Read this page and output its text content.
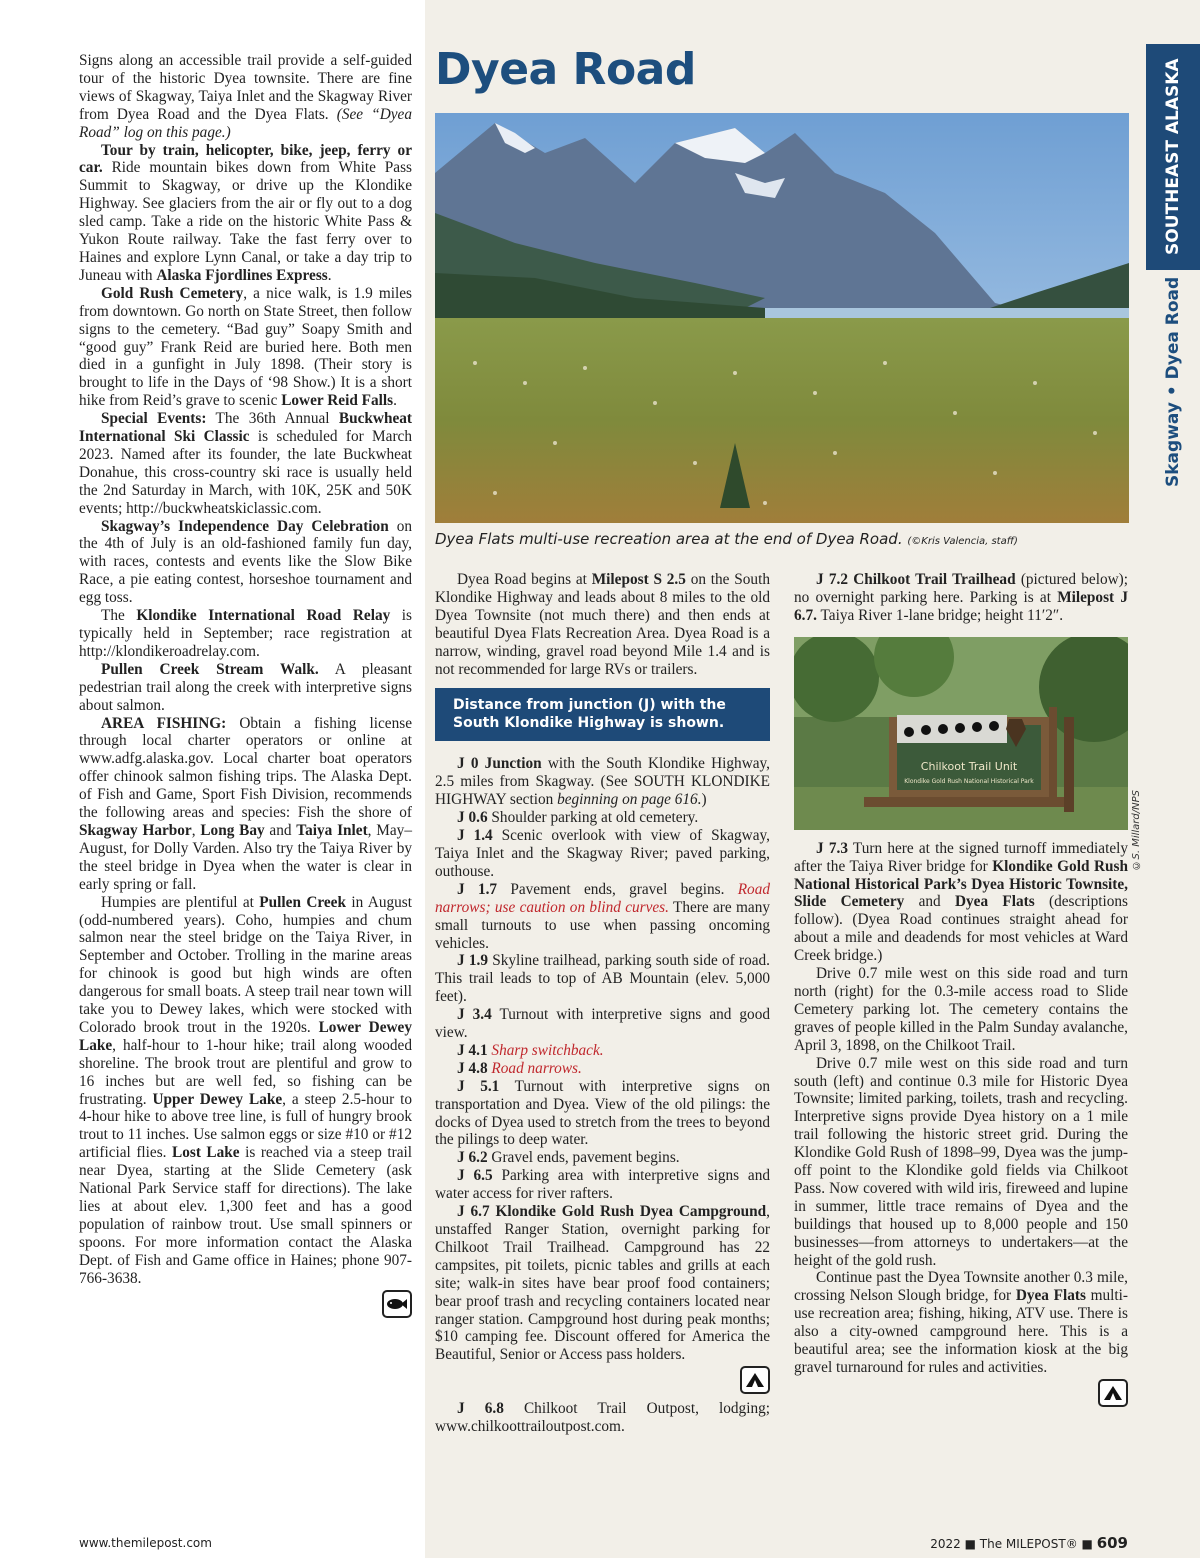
Signs along an accessible trail provide a self-guided tour of the historic Dyea townsite. There are fine views of Skagway, Taiya Inlet and the Skagway River from Dyea Road and the Dyea Flats. (See “Dyea Road” log on this page.)

Tour by train, helicopter, bike, jeep, ferry or car. Ride mountain bikes down from White Pass Summit to Skagway, or drive up the Klondike Highway. See glaciers from the air or fly out to a dog sled camp. Take a ride on the historic White Pass & Yukon Route railway. Take the fast ferry over to Haines and explore Lynn Canal, or take a day trip to Juneau with Alaska Fjordlines Express.

Gold Rush Cemetery, a nice walk, is 1.9 miles from downtown. Go north on State Street, then follow signs to the cemetery. “Bad guy” Soapy Smith and “good guy” Frank Reid are buried here. Both men died in a gunfight in July 1898. (Their story is brought to life in the Days of ‘98 Show.) It is a short hike from Reid’s grave to scenic Lower Reid Falls.

Special Events: The 36th Annual Buckwheat International Ski Classic is scheduled for March 2023. Named after its founder, the late Buckwheat Donahue, this cross-country ski race is usually held the 2nd Saturday in March, with 10K, 25K and 50K events; http://buckwheatskiclassic.com.

Skagway’s Independence Day Celebration on the 4th of July is an old-fashioned family fun day, with races, contests and events like the Slow Bike Race, a pie eating contest, horseshoe tournament and egg toss.

The Klondike International Road Relay is typically held in September; race registration at http://klondikeroadrelay.com.

Pullen Creek Stream Walk. A pleasant pedestrian trail along the creek with interpretive signs about salmon.

AREA FISHING: Obtain a fishing license through local charter operators or online at www.adfg.alaska.gov. Local charter boat operators offer chinook salmon fishing trips. The Alaska Dept. of Fish and Game, Sport Fish Division, recommends the following areas and species: Fish the shore of Skagway Harbor, Long Bay and Taiya Inlet, May–August, for Dolly Varden. Also try the Taiya River by the steel bridge in Dyea when the water is clear in early spring or fall.

Humpies are plentiful at Pullen Creek in August (odd-numbered years). Coho, humpies and chum salmon near the steel bridge on the Taiya River, in September and October. Trolling in the marine areas for chinook is good but high winds are often dangerous for small boats. A steep trail near town will take you to Dewey lakes, which were stocked with Colorado brook trout in the 1920s. Lower Dewey Lake, half-hour to 1-hour hike; trail along wooded shoreline. The brook trout are plentiful and grow to 16 inches but are well fed, so fishing can be frustrating. Upper Dewey Lake, a steep 2.5-hour to 4-hour hike to above tree line, is full of hungry brook trout to 11 inches. Use salmon eggs or size #10 or #12 artificial flies. Lost Lake is reached via a steep trail near Dyea, starting at the Slide Cemetery (ask National Park Service staff for directions). The lake lies at about elev. 1,300 feet and has a good population of rainbow trout. Use small spinners or spoons. For more information contact the Alaska Dept. of Fish and Game office in Haines; phone 907-766-3638.

Dyea Road
Dyea Flats multi-use recreation area at the end of Dyea Road. (©Kris Valencia, staff)

Dyea Road begins at Milepost S 2.5 on the South Klondike Highway and leads about 8 miles to the old Dyea Townsite (not much there) and then ends at beautiful Dyea Flats Recreation Area. Dyea Road is a narrow, winding, gravel road beyond Mile 1.4 and is not recommended for large RVs or trailers.

Distance from junction (J) with the South Klondike Highway is shown.

J 0 Junction with the South Klondike Highway, 2.5 miles from Skagway. (See SOUTH KLONDIKE HIGHWAY section beginning on page 616.)

J 0.6 Shoulder parking at old cemetery.

J 1.4 Scenic overlook with view of Skagway, Taiya Inlet and the Skagway River; paved parking, outhouse.

J 1.7 Pavement ends, gravel begins. Road narrows; use caution on blind curves. There are many small turnouts to use when passing oncoming vehicles.

J 1.9 Skyline trailhead, parking south side of road. This trail leads to top of AB Mountain (elev. 5,000 feet).

J 3.4 Turnout with interpretive signs and good view.

J 4.1 Sharp switchback.

J 4.8 Road narrows.

J 5.1 Turnout with interpretive signs on transportation and Dyea. View of the old pilings: the docks of Dyea used to stretch from the trees to beyond the pilings to deep water.

J 6.2 Gravel ends, pavement begins.

J 6.5 Parking area with interpretive signs and water access for river rafters.

J 6.7 Klondike Gold Rush Dyea Campground, unstaffed Ranger Station, overnight parking for Chilkoot Trail Trailhead. Campground has 22 campsites, pit toilets, picnic tables and grills at each site; walk-in sites have bear proof food containers; bear proof trash and recycling containers located near ranger station. Campground host during peak months; $10 camping fee. Discount offered for America the Beautiful, Senior or Access pass holders.

J 6.8 Chilkoot Trail Outpost, lodging; www.chilkoottrailoutpost.com.

J 7.2 Chilkoot Trail Trailhead (pictured below); no overnight parking here. Parking is at Milepost J 6.7. Taiya River 1-lane bridge; height 11′2″.

Chilkoot Trail Unit
Klondike Gold Rush National Historical Park

J 7.3 Turn here at the signed turnoff immediately after the Taiya River bridge for Klondike Gold Rush National Historical Park’s Dyea Historic Townsite, Slide Cemetery and Dyea Flats (descriptions follow). (Dyea Road continues straight ahead for about a mile and deadends for most vehicles at Ward Creek bridge.)

Drive 0.7 mile west on this side road and turn north (right) for the 0.3-mile access road to Slide Cemetery parking lot. The cemetery contains the graves of people killed in the Palm Sunday avalanche, April 3, 1898, on the Chilkoot Trail.

Drive 0.7 mile west on this side road and turn south (left) and continue 0.3 mile for Historic Dyea Townsite; limited parking, toilets, trash and recycling. Interpretive signs provide Dyea history on a 1 mile trail following the historic street grid. During the Klondike Gold Rush of 1898–99, Dyea was the jump-off point to the Klondike gold fields via Chilkoot Pass. Now covered with wild iris, fireweed and lupine in summer, little trace remains of Dyea and the buildings that housed up to 8,000 people and 150 businesses—from attorneys to undertakers—at the height of the gold rush.

Continue past the Dyea Townsite another 0.3 mile, crossing Nelson Slough bridge, for Dyea Flats multi-use recreation area; fishing, hiking, ATV use. There is also a city-owned campground here. This is a beautiful area; see the information kiosk at the big gravel turnaround for rules and activities.

©S. Millard/NPS
SOUTHEAST ALASKA
Skagway • Dyea Road
www.themilepost.com	2022 ■ The MILEPOST® ■ 609
